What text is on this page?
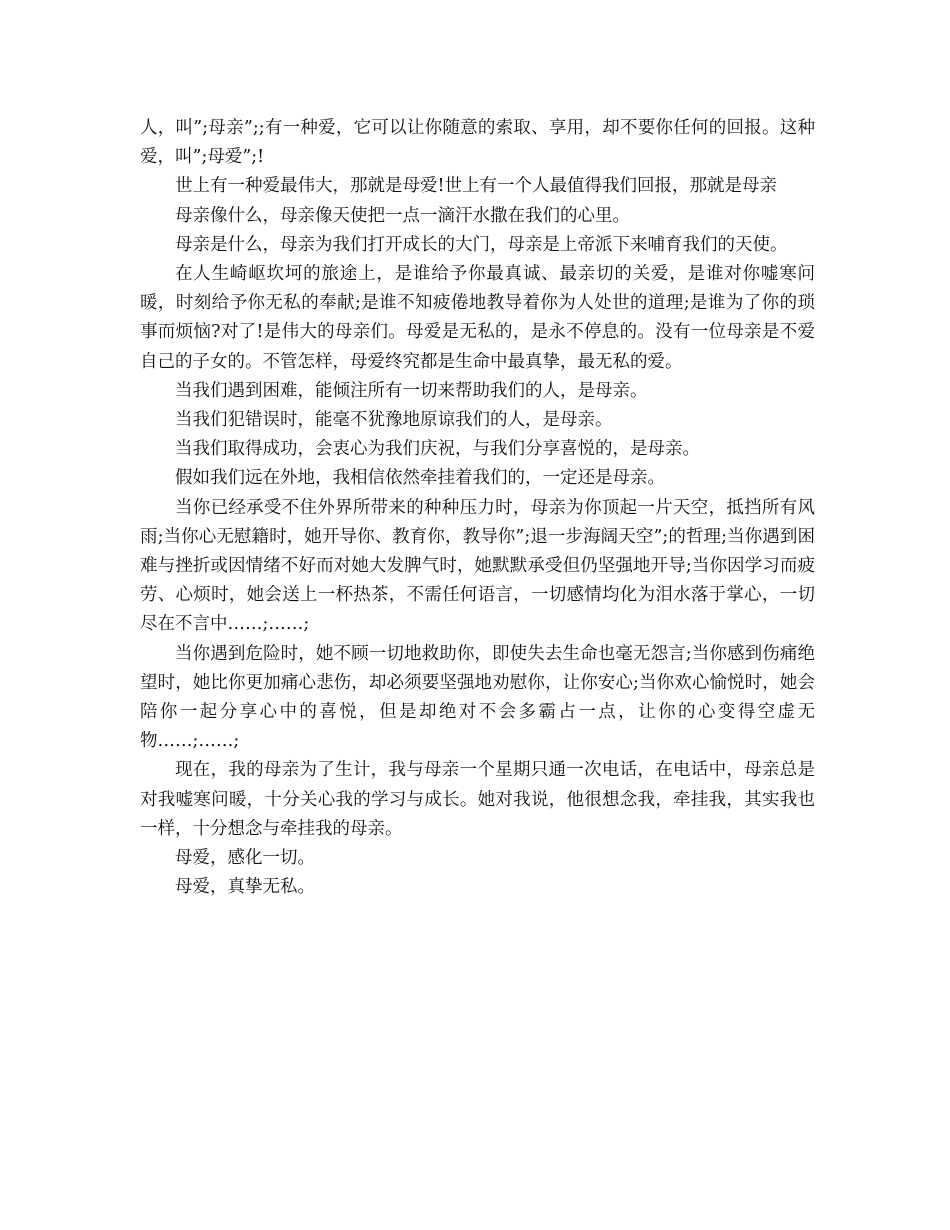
人，叫”;母亲”;;有一种爱，它可以让你随意的索取、享用，却不要你任何的回报。这种爱，叫”;母爱”;!

世上有一种爱最伟大，那就是母爱!世上有一个人最值得我们回报，那就是母亲

母亲像什么，母亲像天使把一点一滴汗水撒在我们的心里。

母亲是什么，母亲为我们打开成长的大门，母亲是上帝派下来哺育我们的天使。

在人生崎岖坎坷的旅途上，是谁给予你最真诚、最亲切的关爱，是谁对你嘘寒问暖，时刻给予你无私的奉献;是谁不知疲倦地教导着你为人处世的道理;是谁为了你的琐事而烦恼?对了!是伟大的母亲们。母爱是无私的，是永不停息的。没有一位母亲是不爱自己的子女的。不管怎样，母爱终究都是生命中最真挚，最无私的爱。

当我们遇到困难，能倾注所有一切来帮助我们的人，是母亲。

当我们犯错误时，能毫不犹豫地原谅我们的人，是母亲。

当我们取得成功，会衷心为我们庆祝，与我们分享喜悦的，是母亲。

假如我们远在外地，我相信依然牵挂着我们的，一定还是母亲。

当你已经承受不住外界所带来的种种压力时，母亲为你顶起一片天空，抵挡所有风雨;当你心无慰籍时，她开导你、教育你，教导你”;退一步海阔天空”;的哲理;当你遇到困难与挫折或因情绪不好而对她大发脾气时，她默默承受但仍坚强地开导;当你因学习而疲劳、心烦时，她会送上一杯热茶，不需任何语言，一切感情均化为泪水落于掌心，一切尽在不言中……;……;

当你遇到危险时，她不顾一切地救助你，即使失去生命也毫无怨言;当你感到伤痛绝望时，她比你更加痛心悲伤，却必须要坚强地劝慰你，让你安心;当你欢心愉悦时，她会陪你一起分享心中的喜悦，但是却绝对不会多霸占一点，让你的心变得空虚无物……;……;

现在，我的母亲为了生计，我与母亲一个星期只通一次电话，在电话中，母亲总是对我嘘寒问暖，十分关心我的学习与成长。她对我说，他很想念我，牵挂我，其实我也一样，十分想念与牵挂我的母亲。

母爱，感化一切。

母爱，真挚无私。
